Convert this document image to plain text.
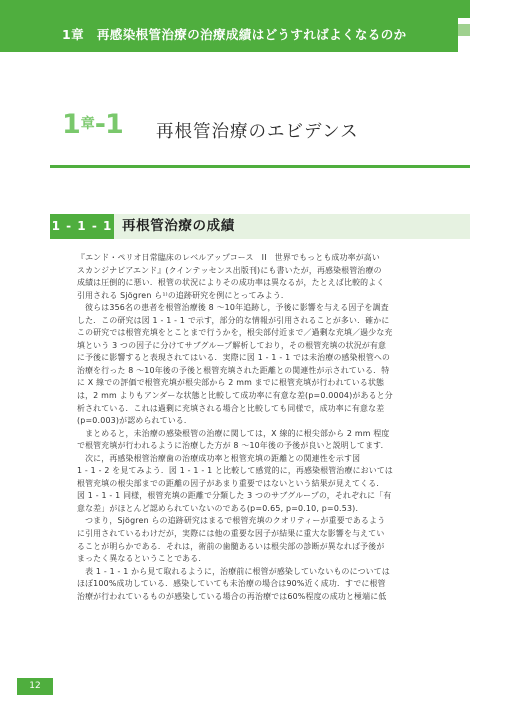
1章　再感染根管治療の治療成績はどうすればよくなるのか
1章-1 再根管治療のエビデンス
1 - 1 - 1 再根管治療の成績
『エンド・ペリオ日常臨床のレベルアップコース　II　世界でもっとも成功率が高い
スカンジナビアエンド』(クインテッセンス出版刊)にも書いたが，再感染根管治療の
成績は圧倒的に悪い．根管の状況によりその成功率は異なるが，たとえば比較的よく
引用される Sjögren ら¹⁾の追跡研究を例にとってみよう．
　彼らは356名の患者を根管治療後 8 〜10年追跡し，予後に影響を与える因子を調査
した．この研究は図 1 - 1 - 1 で示す，部分的な情報が引用されることが多い．確かに
この研究では根管充填をとことまで行うかを，根尖部付近まで／過剰な充填／過少な充
填という 3 つの因子に分けてサブグループ解析しており，その根管充填の状況が有意
に予後に影響すると表現されてはいる．実際に図 1 - 1 - 1 では未治療の感染根管への
治療を行った 8 〜10年後の予後と根管充填された距離との関連性が示されている．特
に X 線での評価で根管充填が根尖部から 2 mm までに根管充填が行われている状態
は，2 mm よりもアンダーな状態と比較して成功率に有意な差(p=0.0004)があると分
析されている．これは過剰に充填される場合と比較しても同様で，成功率に有意な差
(p=0.003)が認められている．
　まとめると，未治療の感染根管の治療に関しては，X 線的に根尖部から 2 mm 程度
で根管充填が行われるように治療した方が 8 〜10年後の予後が良いと説明してます．
　次に，再感染根管治療歯の治療成功率と根管充填の距離との関連性を示す図
1 - 1 - 2 を見てみよう．図 1 - 1 - 1 と比較して感覚的に，再感染根管治療においては
根管充填の根尖部までの距離の因子があまり重要ではないという結果が見えてくる．
図 1 - 1 - 1 同様，根管充填の距離で分類した 3 つのサブグループの，それぞれに「有
意な差」がほとんど認められていないのである(p=0.65, p=0.10, p=0.53)．
　つまり，Sjögren らの追跡研究はまるで根管充填のクオリティーが重要であるよう
に引用されているわけだが，実際には他の重要な因子が結果に重大な影響を与えてい
ることが明らかである．それは，術前の歯髄あるいは根尖部の診断が異なれば予後が
まったく異なるということである．
　表 1 - 1 - 1 から見て取れるように，治療前に根管が感染していないものについては
ほぼ100%成功している．感染していても未治療の場合は90%近く成功．すでに根管
治療が行われているものが感染している場合の再治療では60%程度の成功と極端に低
12
